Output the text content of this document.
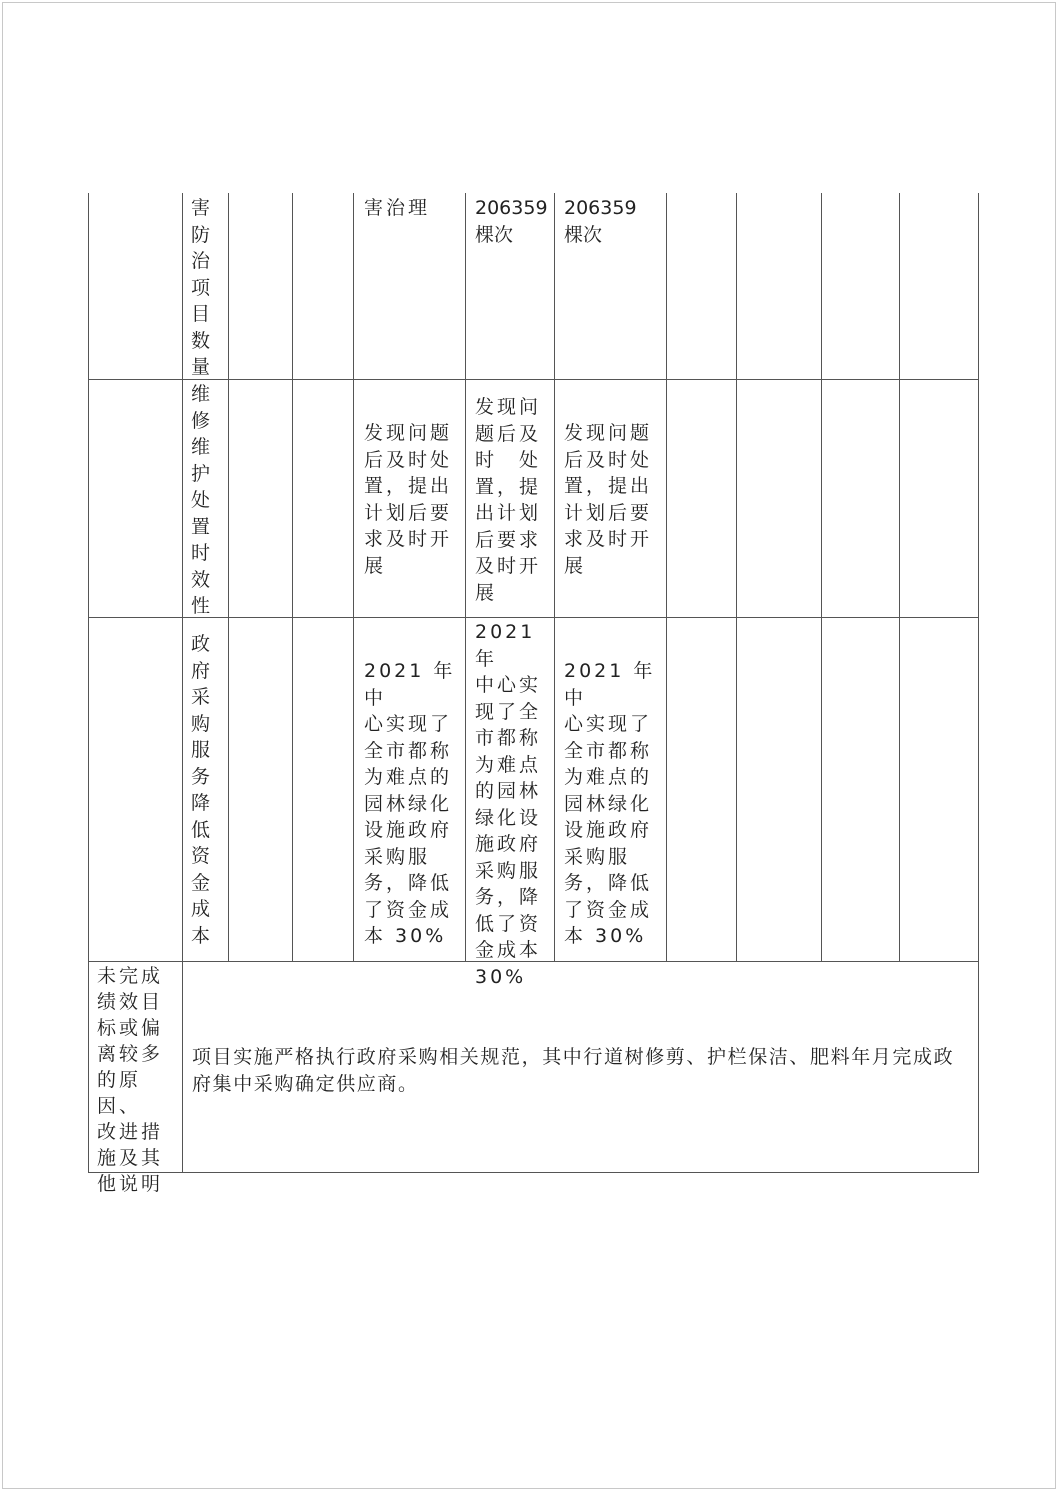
害
防
治
项
目
数
量
害治理	206359
棵次
206359
棵次
维
修
维
护
处
置
时
效
性
发现问题
后及时处
置，提出
计划后要
求及时开
展
发现问
题后及
时　处
置，提
出计划
后要求
及时开
展
发现问题
后及时处
置，提出
计划后要
求及时开
展
政
府
采
购
服
务
降
低
资
金
成
本
2021 年中
心实现了
全市都称
为难点的
园林绿化
设施政府
采购服
务，降低
了资金成
本 30%
2021 年
中心实
现了全
市都称
为难点
的园林
绿化设
施政府
采购服
务，降
低了资
金成本
30%
2021 年中
心实现了
全市都称
为难点的
园林绿化
设施政府
采购服
务，降低
了资金成
本 30%
未完成
绩效目
标或偏
离较多
的原因、
改进措
施及其
他说明
项目实施严格执行政府采购相关规范，其中行道树修剪、护栏保洁、肥料年月完成政府集中采购确定供应商。
